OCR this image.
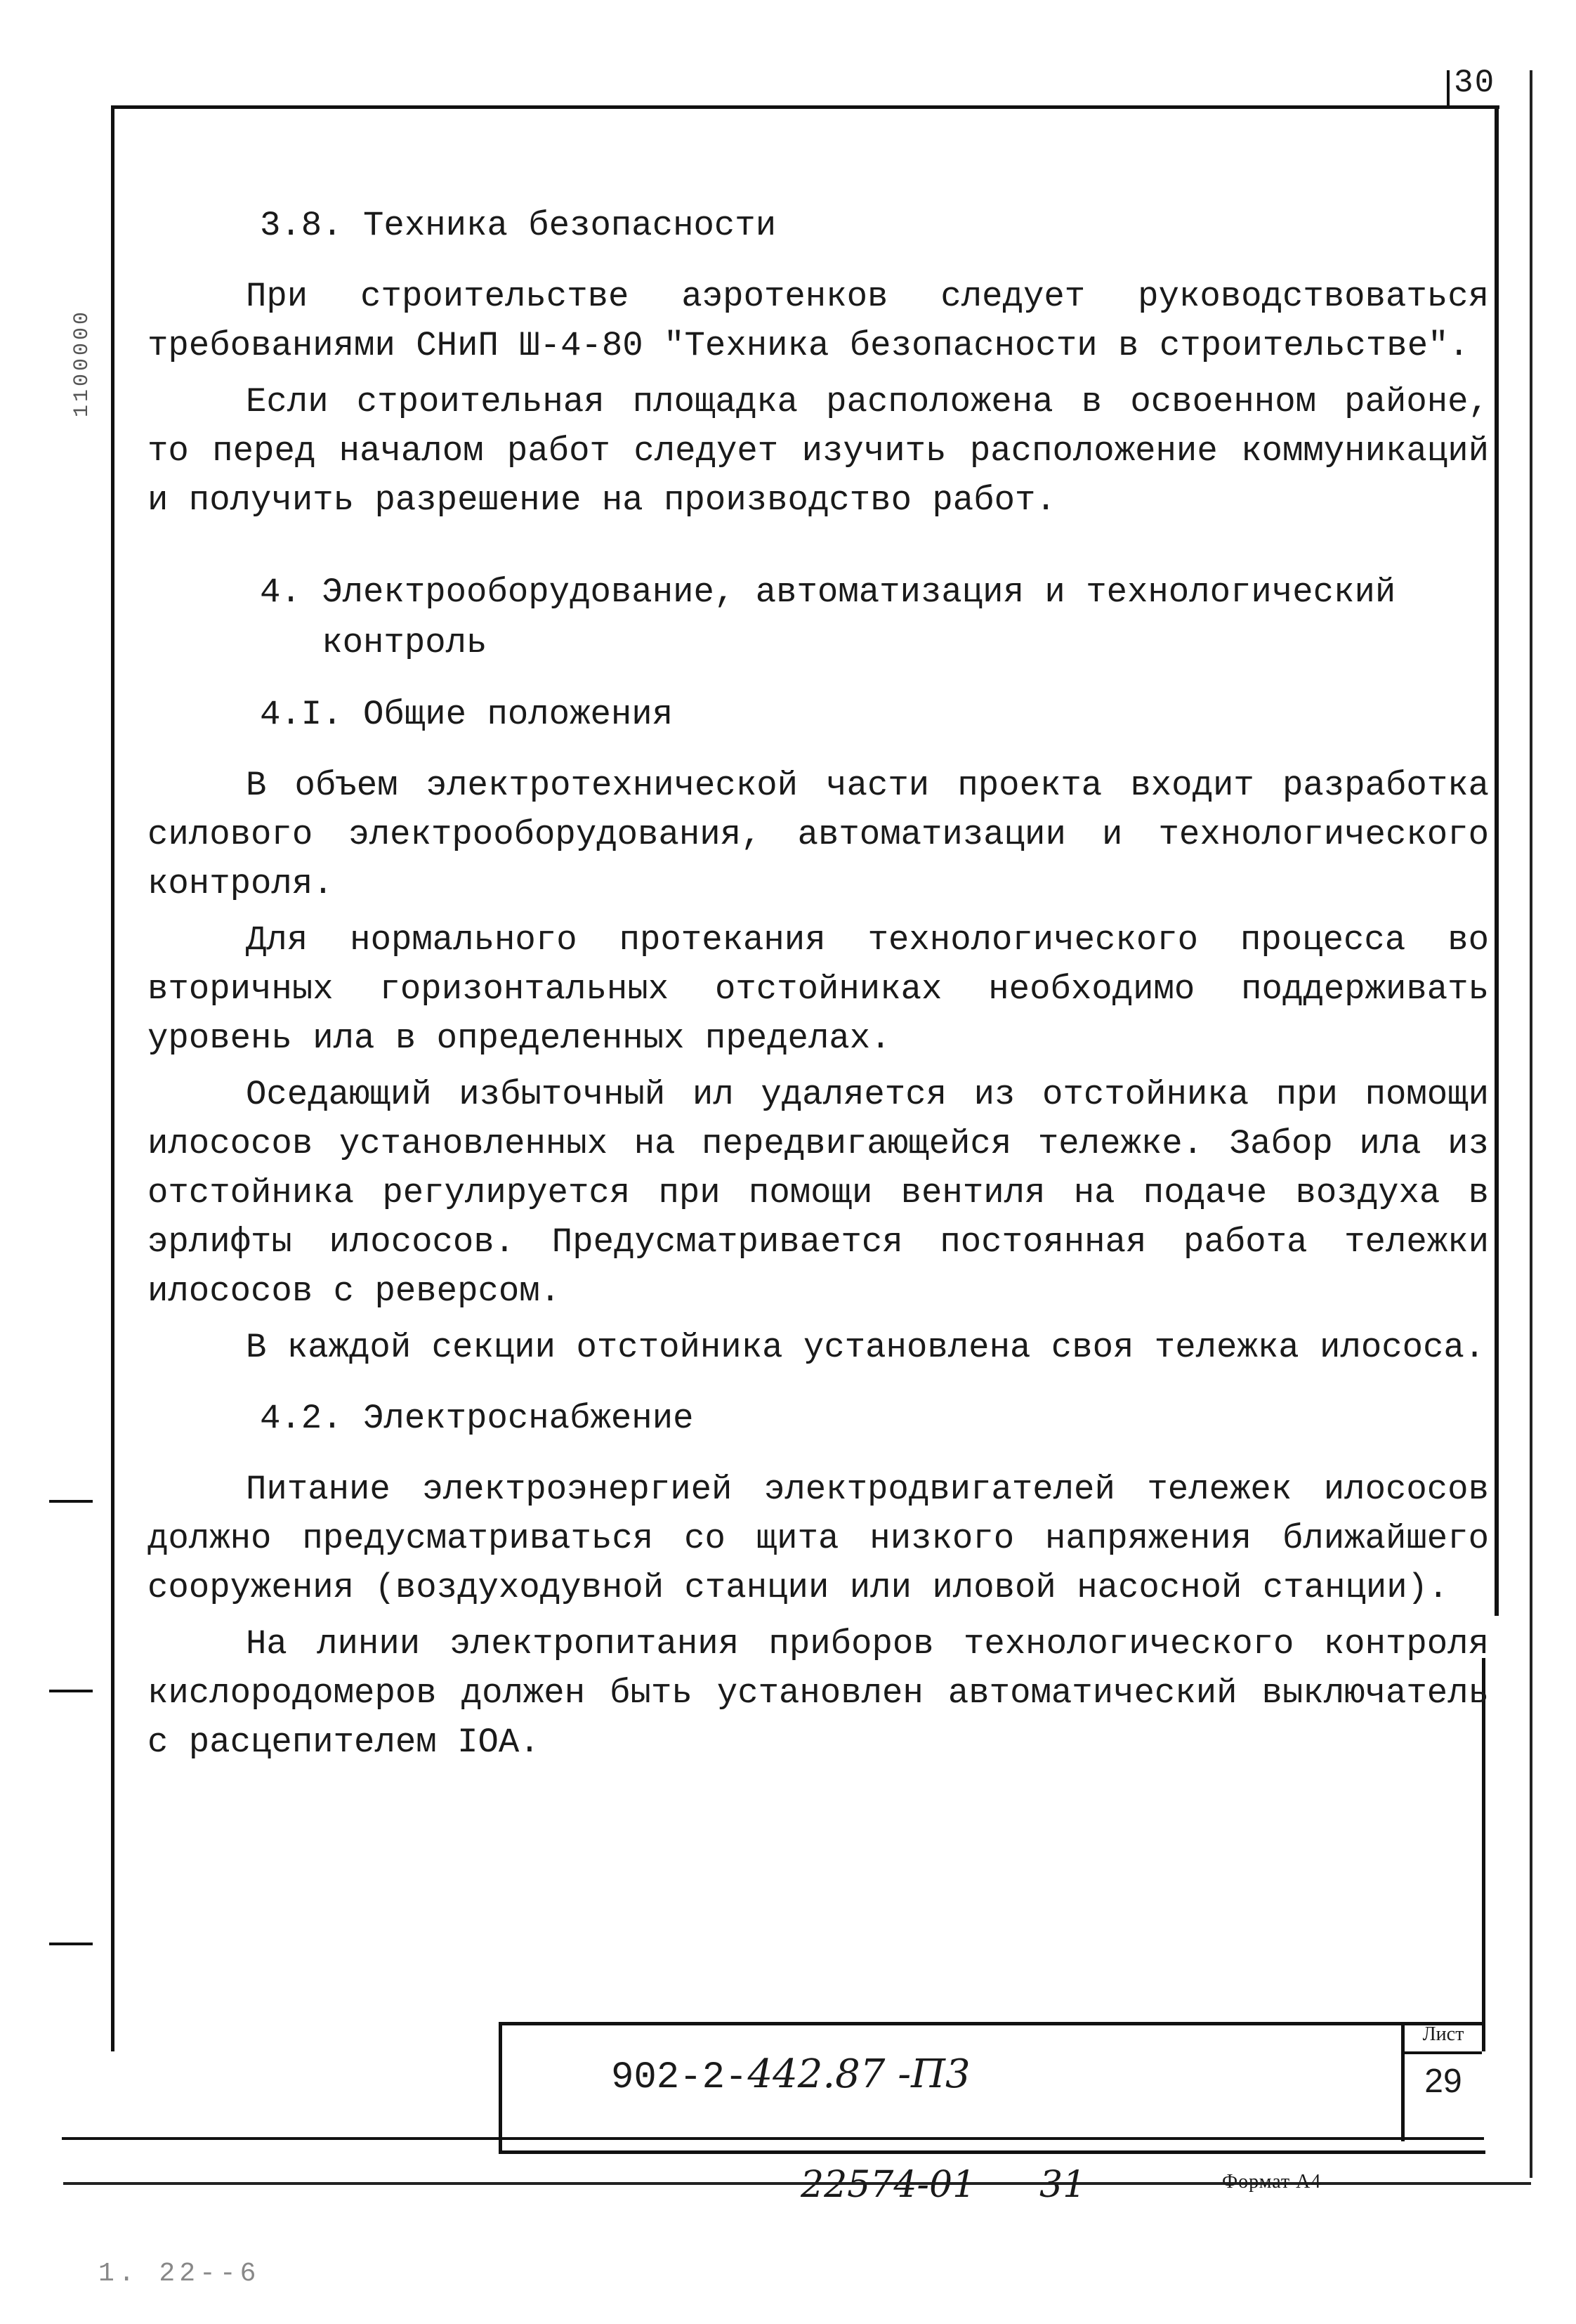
30
1100000
3.8. Техника безопасности
При строительстве аэротенков следует руководствоваться требованиями СНиП Ш-4-80 "Техника безопасности в строительстве".
Если строительная площадка расположена в освоенном районе, то перед началом работ следует изучить расположение коммуникаций и получить разрешение на производство работ.
4. Электрооборудование, автоматизация и технологический
контроль
4.I. Общие положения
В объем электротехнической части проекта входит разработка силового электрооборудования, автоматизации и технологического контроля.
Для нормального протекания технологического процесса во вторичных горизонтальных отстойниках необходимо поддерживать уровень ила в определенных пределах.
Оседающий избыточный ил удаляется из отстойника при помощи илососов установленных на передвигающейся тележке. Забор ила из отстойника регулируется при помощи вентиля на подаче воздуха в эрлифты илососов. Предусматривается постоянная работа тележки илососов с реверсом.
В каждой секции отстойника установлена своя тележка илососа.
4.2. Электроснабжение
Питание электроэнергией электродвигателей тележек илососов должно предусматриваться со щита низкого напряжения ближайшего сооружения (воздуходувной станции или иловой насосной станции).
На линии электропитания приборов технологического контроля кислородомеров должен быть установлен автоматический выключатель с расцепителем IOA.
902-2-442.87 -П3
Лист
29
22574-01 31	Формат А4
1. 22--6
